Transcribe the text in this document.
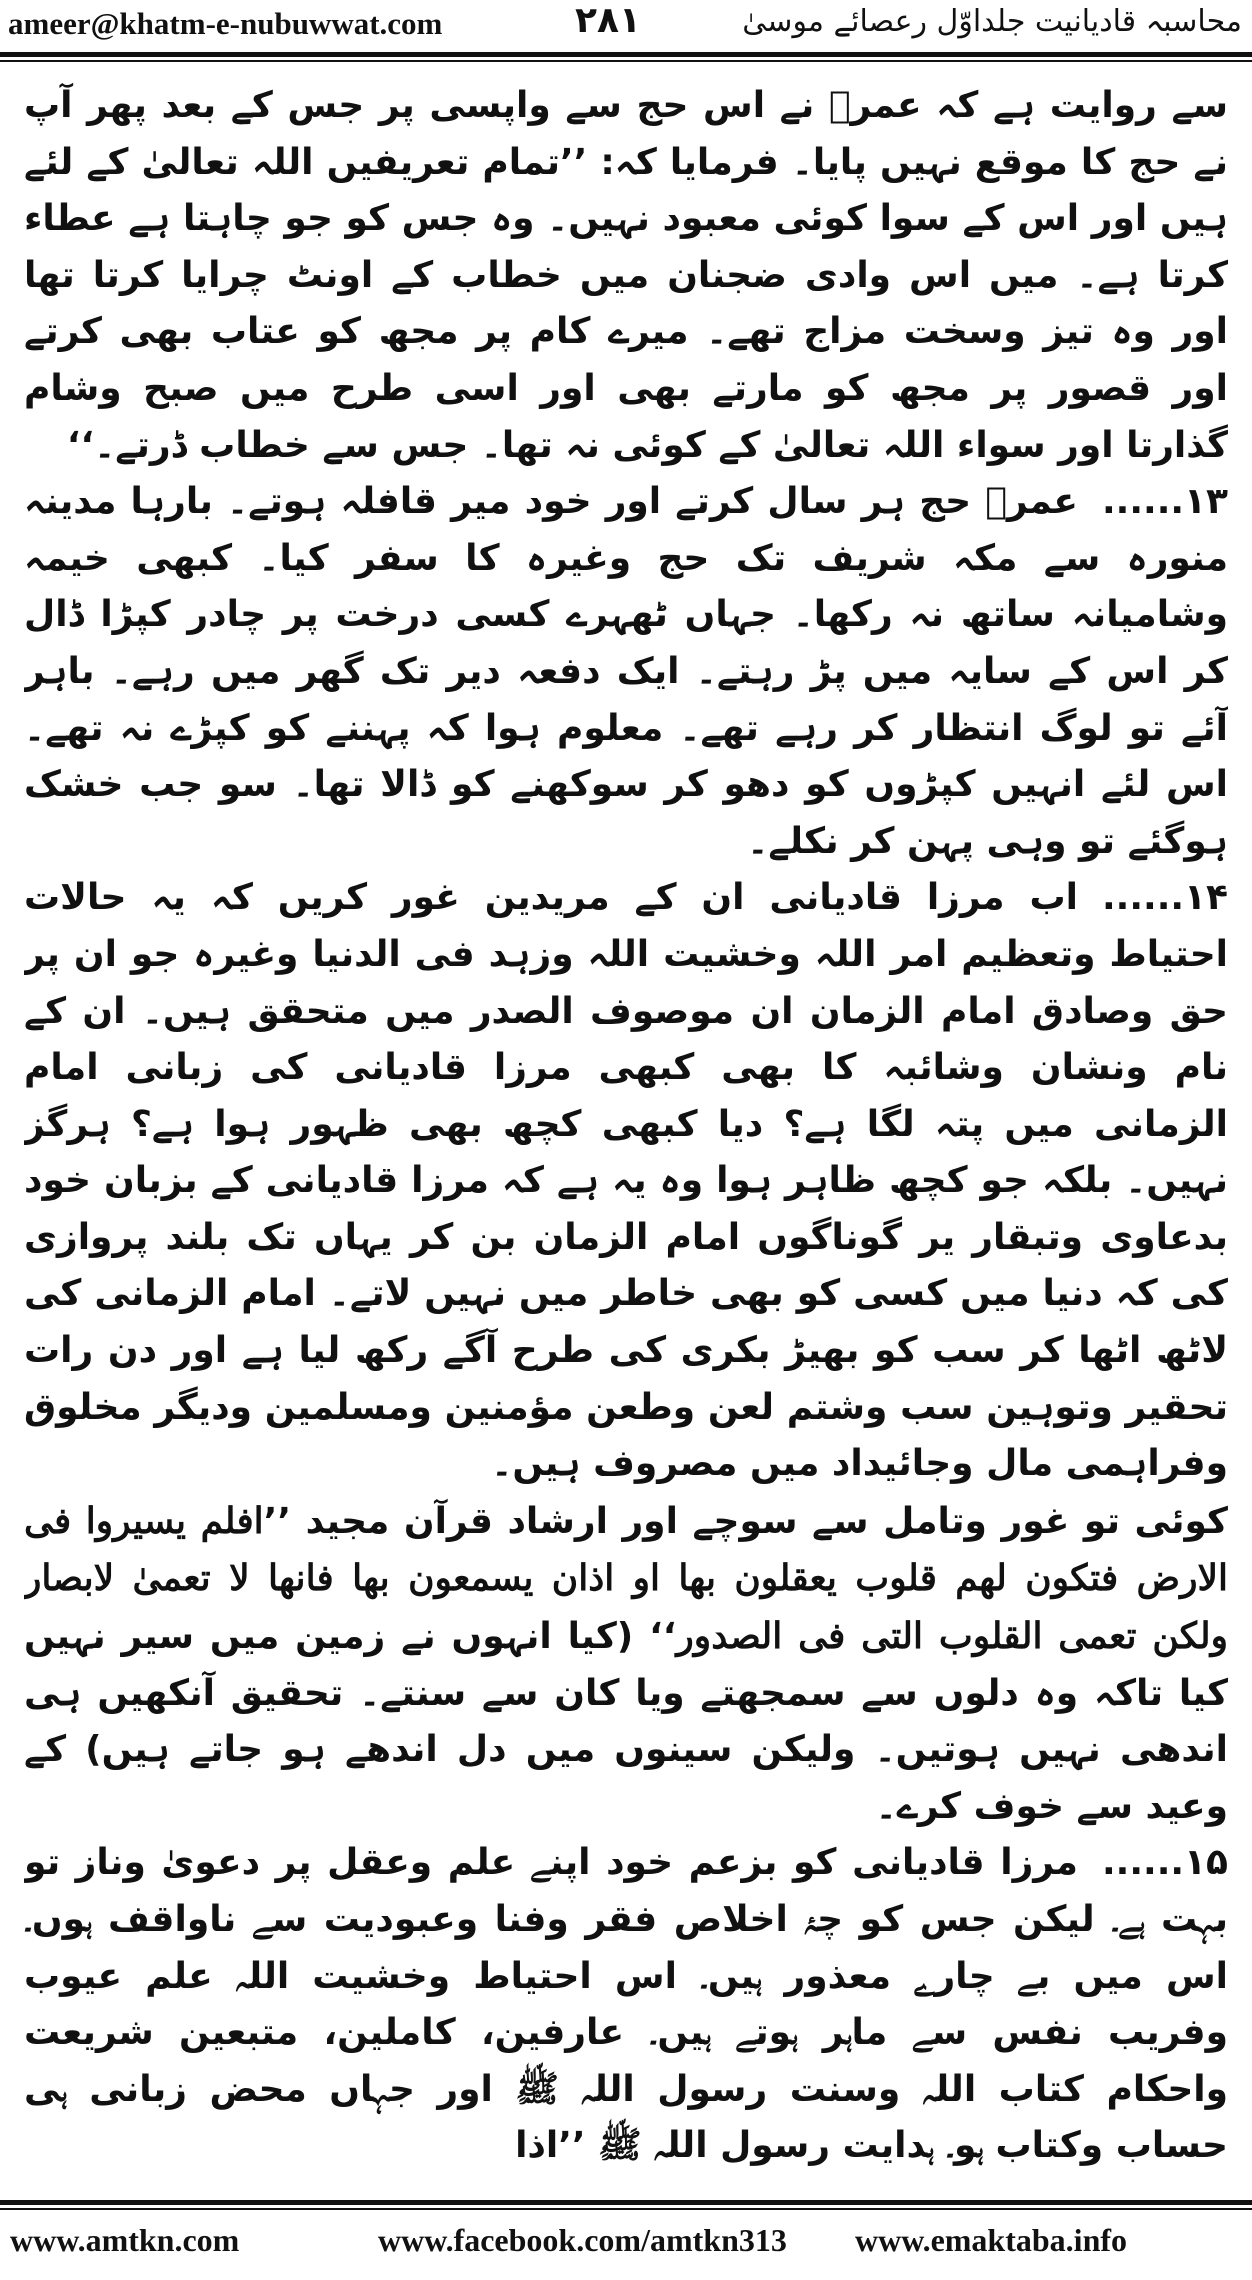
ameer@khatm-e-nubuwwat.com	۲۸۱	محاسبہ قادیانیت جلداوّل رعصائے موسیٰ

سے روایت ہے کہ عمرؓ نے اس حج سے واپسی پر جس کے بعد پھر آپ نے حج کا موقع نہیں پایا۔ فرمایا کہ: ’’تمام تعریفیں اللہ تعالیٰ کے لئے ہیں اور اس کے سوا کوئی معبود نہیں۔ وہ جس کو جو چاہتا ہے عطاء کرتا ہے۔ میں اس وادی ضجنان میں خطاب کے اونٹ چرایا کرتا تھا اور وہ تیز وسخت مزاج تھے۔ میرے کام پر مجھ کو عتاب بھی کرتے اور قصور پر مجھ کو مارتے بھی اور اسی طرح میں صبح وشام گذارتا اور سواء اللہ تعالیٰ کے کوئی نہ تھا۔ جس سے خطاب ڈرتے۔‘‘

۱۳......عمرؓ حج ہر سال کرتے اور خود میر قافلہ ہوتے۔ بارہا مدینہ منورہ سے مکہ شریف تک حج وغیرہ کا سفر کیا۔ کبھی خیمہ وشامیانہ ساتھ نہ رکھا۔ جہاں ٹھہرے کسی درخت پر چادر کپڑا ڈال کر اس کے سایہ میں پڑ رہتے۔ ایک دفعہ دیر تک گھر میں رہے۔ باہر آئے تو لوگ انتظار کر رہے تھے۔ معلوم ہوا کہ پہننے کو کپڑے نہ تھے۔ اس لئے انہیں کپڑوں کو دھو کر سوکھنے کو ڈالا تھا۔ سو جب خشک ہوگئے تو وہی پہن کر نکلے۔

۱۴......اب مرزا قادیانی ان کے مریدین غور کریں کہ یہ حالات احتیاط وتعظیم امر اللہ وخشیت اللہ وزہد فی الدنیا وغیرہ جو ان پر حق وصادق امام الزمان ان موصوف الصدر میں متحقق ہیں۔ ان کے نام ونشان وشائبہ کا بھی کبھی مرزا قادیانی کی زبانی امام الزمانی میں پتہ لگا ہے؟ دیا کبھی کچھ بھی ظہور ہوا ہے؟ ہرگز نہیں۔ بلکہ جو کچھ ظاہر ہوا وہ یہ ہے کہ مرزا قادیانی کے بزبان خود بدعاوی وتبقار یر گوناگوں امام الزمان بن کر یہاں تک بلند پروازی کی کہ دنیا میں کسی کو بھی خاطر میں نہیں لاتے۔ امام الزمانی کی لاٹھ اٹھا کر سب کو بھیڑ بکری کی طرح آگے رکھ لیا ہے اور دن رات تحقیر وتوہین سب وشتم لعن وطعن مؤمنین ومسلمین ودیگر مخلوق وفراہمی مال وجائیداد میں مصروف ہیں۔

کوئی تو غور وتامل سے سوچے اور ارشاد قرآن مجید ’’افلم یسیروا فی الارض فتکون لھم قلوب یعقلون بھا او اذان یسمعون بھا فانھا لا تعمیٰ لابصار ولکن تعمی القلوب التی فی الصدور‘‘ (کیا انہوں نے زمین میں سیر نہیں کیا تاکہ وہ دلوں سے سمجھتے ویا کان سے سنتے۔ تحقیق آنکھیں ہی اندھی نہیں ہوتیں۔ ولیکن سینوں میں دل اندھے ہو جاتے ہیں) کے وعید سے خوف کرے۔

۱۵......مرزا قادیانی کو بزعم خود اپنے علم وعقل پر دعویٰ وناز تو بہت ہے۔ لیکن جس کو چۂ اخلاص فقر وفنا وعبودیت سے ناواقف ہوں۔ اس میں بے چارے معذور ہیں۔ اس احتیاط وخشیت اللہ علم عیوب وفریب نفس سے ماہر ہوتے ہیں۔ عارفین، کاملین، متبعین شریعت واحکام کتاب اللہ وسنت رسول اللہ ﷺ اور جہاں محض زبانی ہی حساب وکتاب ہو۔ ہدایت رسول اللہ ﷺ ’’اذا

www.amtkn.com	www.facebook.com/amtkn313 www.emaktaba.info
